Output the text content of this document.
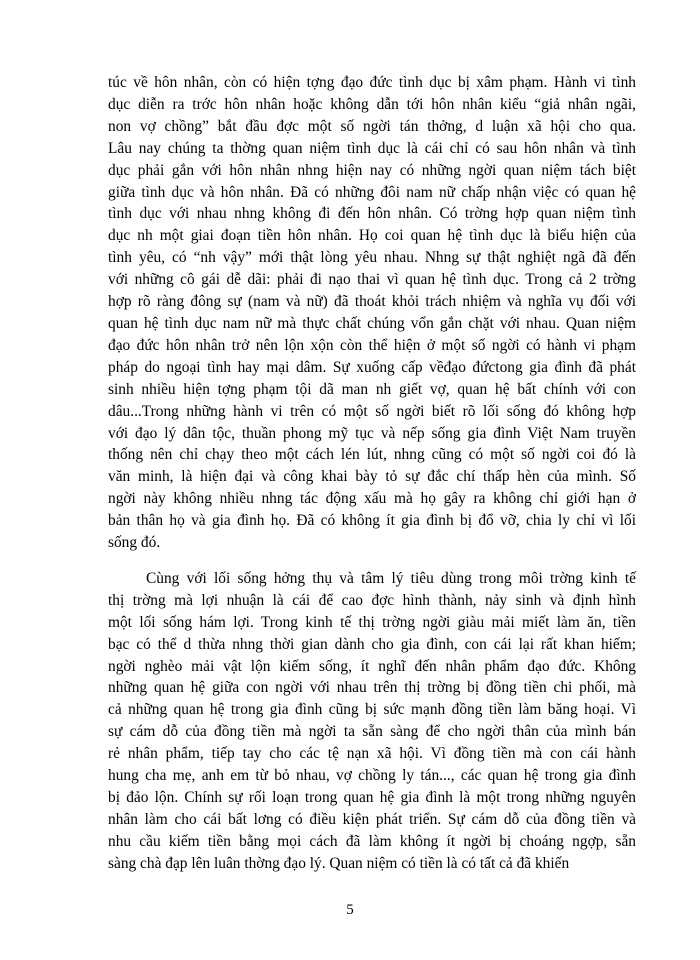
túc về hôn nhân, còn có hiện tợng đạo đức tình dục bị xâm phạm. Hành vi tình
dục diễn ra trớc hôn nhân hoặc không dẫn tới hôn nhân kiểu “giả nhân ngãi,
non vợ chồng” bắt đầu đợc một số ngời tán thởng, d luận xã hội cho qua.
Lâu nay chúng ta thờng quan niệm tình dục là cái chỉ có sau hôn nhân và tình
dục phải gắn với hôn nhân nhng hiện nay có những ngời quan niệm tách biệt
giữa tình dục và hôn nhân. Đã có những đôi nam nữ chấp nhận việc có quan hệ
tình dục với nhau nhng không đi đến hôn nhân. Có trờng hợp quan niệm tình
dục nh một giai đoạn tiền hôn nhân. Họ coi quan hệ tình dục là biểu hiện của
tình yêu, có “nh vậy” mới thật lòng yêu nhau. Nhng sự thật nghiệt ngã đã đến
với những cô gái dễ dãi: phải đi nạo thai vì quan hệ tình dục. Trong cả 2 trờng
hợp rõ ràng đông sự (nam và nữ) đã thoát khỏi trách nhiệm và nghĩa vụ đối với
quan hệ tình dục nam nữ mà thực chất chúng vốn gắn chặt với nhau. Quan niệm
đạo đức hôn nhân trở nên lộn xộn còn thể hiện ở một số ngời có hành vi phạm
pháp do ngoại tình hay mại dâm. Sự xuống cấp vềđạo đứctong gia đình đã phát
sinh nhiều hiện tợng phạm tội dã man nh giết vợ, quan hệ bất chính với con
dâu...Trong những hành vi trên có một số ngời biết rõ lối sống đó không hợp
với đạo lý dân tộc, thuần phong mỹ tục và nếp sống gia đình Việt Nam truyền
thống nên chỉ chạy theo một cách lén lút, nhng cũng có một số ngời coi đó là
văn minh, là hiện đại và công khai bày tỏ sự đắc chí thấp hèn của mình. Số
ngời này không nhiều nhng tác động xấu mà họ gây ra không chỉ giới hạn ở
bản thân họ và gia đình họ. Đã có không ít gia đình bị đổ vỡ, chia ly chỉ vì lối
sống đó.
Cùng với lối sống hởng thụ và tâm lý tiêu dùng trong môi trờng kinh tế
thị trờng mà lợi nhuận là cái để cao đợc hình thành, nảy sinh và định hình
một lối sống hám lợi. Trong kinh tế thị trờng ngời giàu mải miết làm ăn, tiền
bạc có thể d thừa nhng thời gian dành cho gia đình, con cái lại rất khan hiếm;
ngời nghèo mải vật lộn kiếm sống, ít nghĩ đến nhân phẩm đạo đức. Không
những quan hệ giữa con ngời với nhau trên thị trờng bị đồng tiền chi phối, mà
cả những quan hệ trong gia đình cũng bị sức mạnh đồng tiền làm băng hoại. Vì
sự cám dỗ của đồng tiền mà ngời ta sẵn sàng để cho ngời thân của mình bán
rẻ nhân phẩm, tiếp tay cho các tệ nạn xã hội. Vì đồng tiền mà con cái hành
hung cha mẹ, anh em từ bỏ nhau, vợ chồng ly tán..., các quan hệ trong gia đình
bị đảo lộn. Chính sự rối loạn trong quan hệ gia đình là một trong những nguyên
nhân làm cho cái bất lơng có điều kiện phát triển. Sự cám dỗ của đồng tiền và
nhu cầu kiếm tiền bằng mọi cách đã làm không ít ngời bị choáng ngợp, sẵn
sàng chà đạp lên luân thờng đạo lý. Quan niệm có tiền là có tất cả đã khiến
5
